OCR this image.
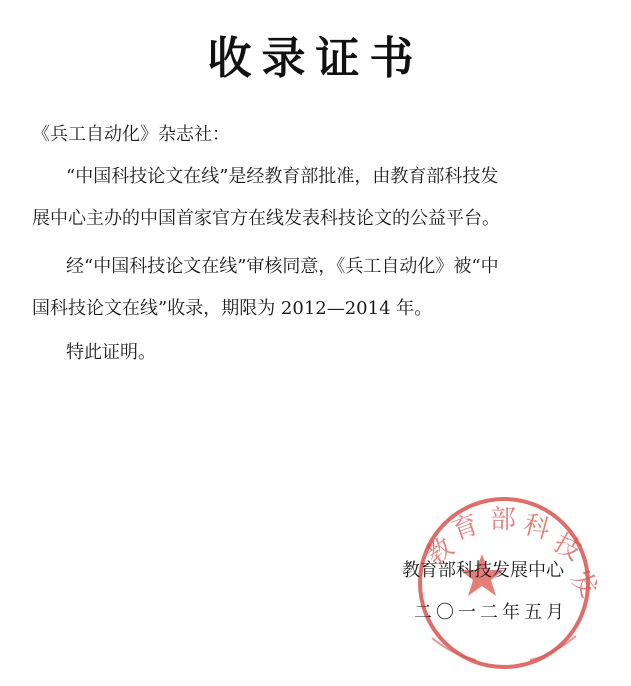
收录证书
《兵工自动化》杂志社：
“中国科技论文在线”是经教育部批准，由教育部科技发
展中心主办的中国首家官方在线发表科技论文的公益平台。
经“中国科技论文在线”审核同意，《兵工自动化》被“中
国科技论文在线”收录，期限为 2012—2014 年。
特此证明。
教
育 部 科
技
发
教育部科技发展中心
二〇一二年五月
